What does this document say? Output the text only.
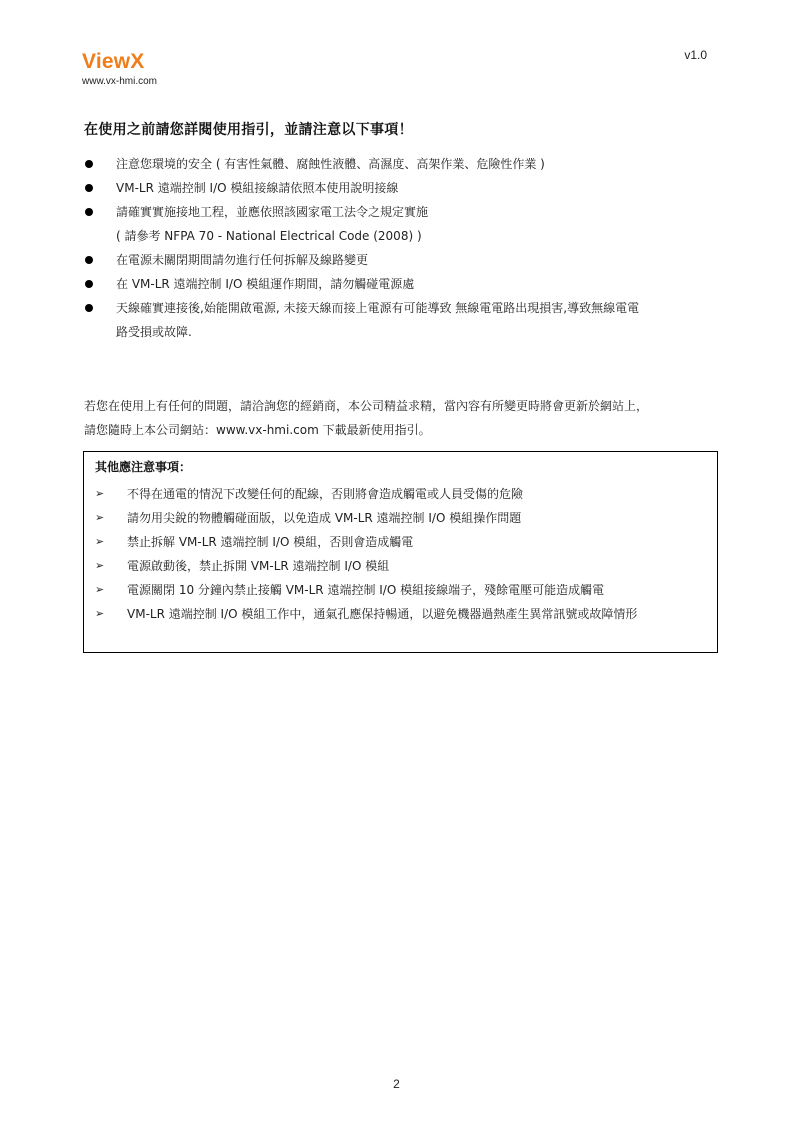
ViewX
www.vx-hmi.com
v1.0
在使用之前請您詳閱使用指引，並請注意以下事項！
注意您環境的安全 ( 有害性氣體、腐蝕性液體、高濕度、高架作業、危險性作業 )
VM-LR 遠端控制 I/O 模組接線請依照本使用說明接線
請確實實施接地工程，並應依照該國家電工法令之規定實施
( 請參考 NFPA 70 - National Electrical Code (2008) )
在電源未關閉期間請勿進行任何拆解及線路變更
在 VM-LR 遠端控制 I/O 模組運作期間，請勿觸碰電源處
天線確實連接後,始能開啟電源, 未接天線而接上電源有可能導致 無線電電路出現損害,導致無線電電
路受損或故障.
若您在使用上有任何的問題，請洽詢您的經銷商，本公司精益求精，當內容有所變更時將會更新於網站上，
請您隨時上本公司網站：www.vx-hmi.com 下載最新使用指引。
其他應注意事項：
➢ 不得在通電的情況下改變任何的配線，否則將會造成觸電或人員受傷的危險
➢ 請勿用尖銳的物體觸碰面版，以免造成 VM-LR 遠端控制 I/O 模組操作問題
➢ 禁止拆解 VM-LR 遠端控制 I/O 模組，否則會造成觸電
➢ 電源啟動後，禁止拆開 VM-LR 遠端控制 I/O 模組
➢ 電源關閉 10 分鐘內禁止接觸 VM-LR 遠端控制 I/O 模組接線端子，殘餘電壓可能造成觸電
➢ VM-LR 遠端控制 I/O 模組工作中，通氣孔應保持暢通，以避免機器過熱產生異常訊號或故障情形
2
